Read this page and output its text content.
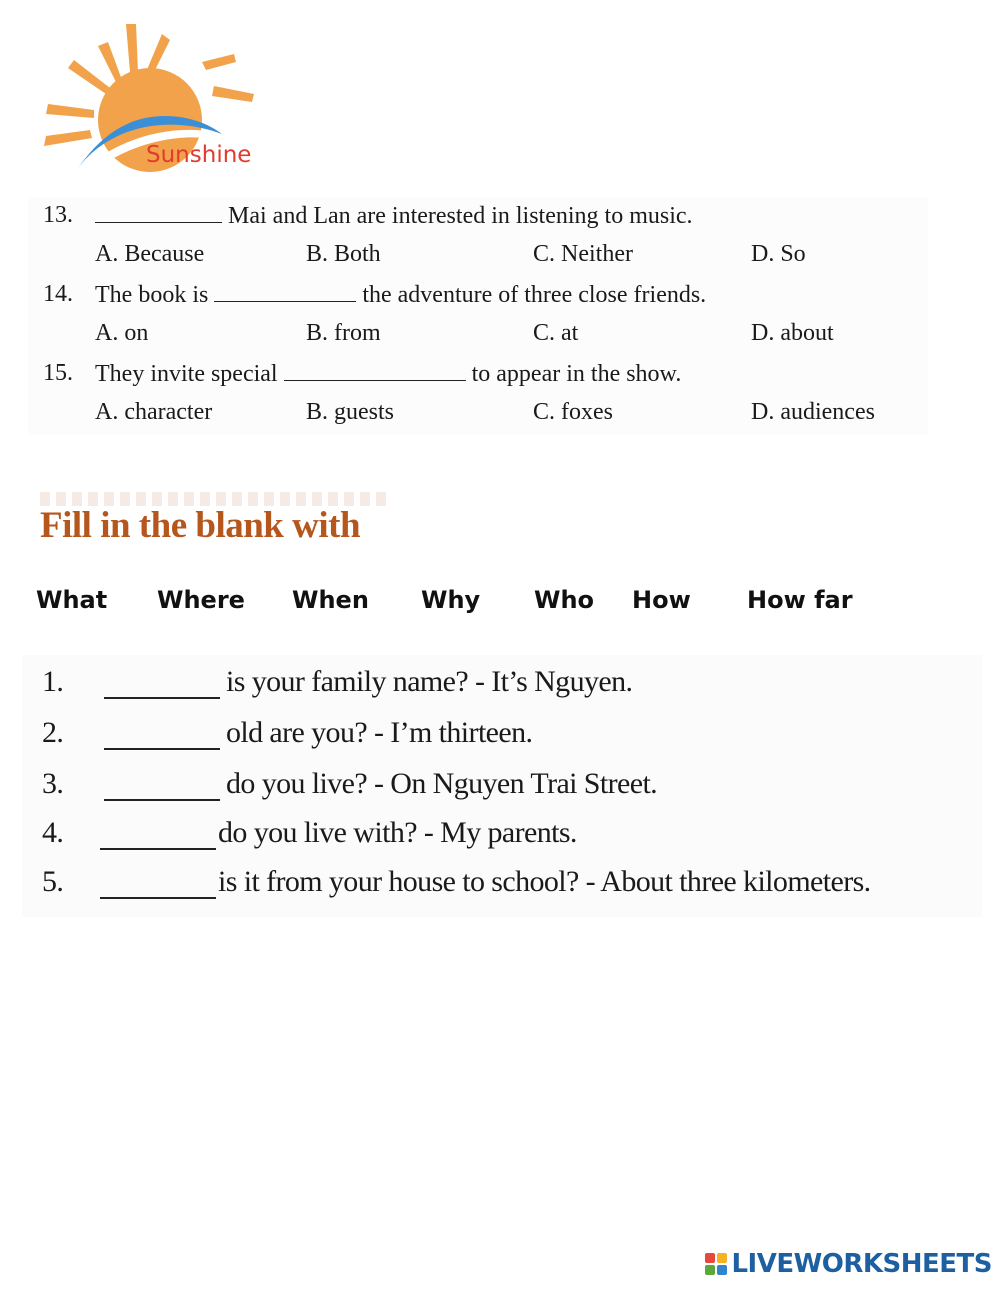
Sunshine
13.	Mai and Lan are interested in listening to music.
A. Because	B. Both	C. Neither	D. So
14. The book is	the adventure of three close friends.
A. on	B. from	C. at	D. about
15. They invite special	to appear in the show.
A. character	B. guests	C. foxes	D. audiences
Fill in the blank with
What Where When Why Who How How far
1.	is your family name? - It’s Nguyen.
2.	old are you? - I’m thirteen.
3.	do you live? - On Nguyen Trai Street.
4.	do you live with? - My parents.
5.	is it from your house to school? - About three kilometers.
LIVEWORKSHEETS
